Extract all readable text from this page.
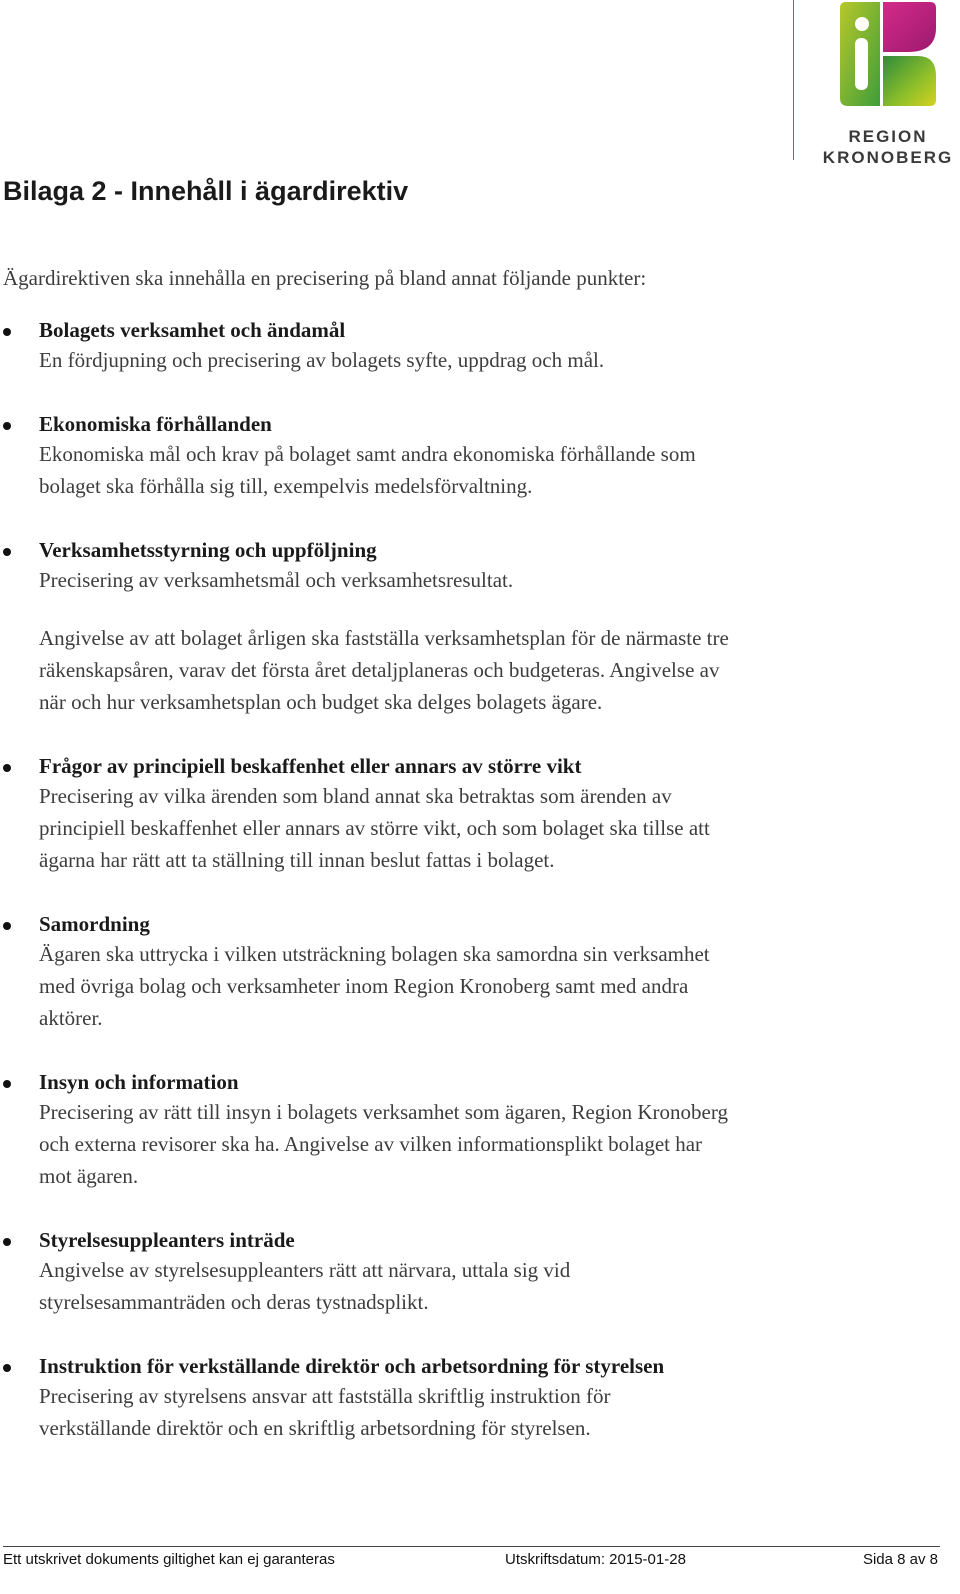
REGION
KRONOBERG
Bilaga 2 - Innehåll i ägardirektiv

Ägardirektiven ska innehålla en precisering på bland annat följande punkter:

Bolagets verksamhet och ändamål
En fördjupning och precisering av bolagets syfte, uppdrag och mål.
Ekonomiska förhållanden
Ekonomiska mål och krav på bolaget samt andra ekonomiska förhållande som
bolaget ska förhålla sig till, exempelvis medelsförvaltning.
Verksamhetsstyrning och uppföljning
Precisering av verksamhetsmål och verksamhetsresultat.
Angivelse av att bolaget årligen ska fastställa verksamhetsplan för de närmaste tre
räkenskapsåren, varav det första året detaljplaneras och budgeteras. Angivelse av
när och hur verksamhetsplan och budget ska delges bolagets ägare.
Frågor av principiell beskaffenhet eller annars av större vikt
Precisering av vilka ärenden som bland annat ska betraktas som ärenden av
principiell beskaffenhet eller annars av större vikt, och som bolaget ska tillse att
ägarna har rätt att ta ställning till innan beslut fattas i bolaget.
Samordning
Ägaren ska uttrycka i vilken utsträckning bolagen ska samordna sin verksamhet
med övriga bolag och verksamheter inom Region Kronoberg samt med andra
aktörer.
Insyn och information
Precisering av rätt till insyn i bolagets verksamhet som ägaren, Region Kronoberg
och externa revisorer ska ha. Angivelse av vilken informationsplikt bolaget har
mot ägaren.
Styrelsesuppleanters inträde
Angivelse av styrelsesuppleanters rätt att närvara, uttala sig vid
styrelsesammanträden och deras tystnadsplikt.
Instruktion för verkställande direktör och arbetsordning för styrelsen
Precisering av styrelsens ansvar att fastställa skriftlig instruktion för
verkställande direktör och en skriftlig arbetsordning för styrelsen.
Ett utskrivet dokuments giltighet kan ej garanteras	Utskriftsdatum: 2015-01-28	Sida 8 av 8
